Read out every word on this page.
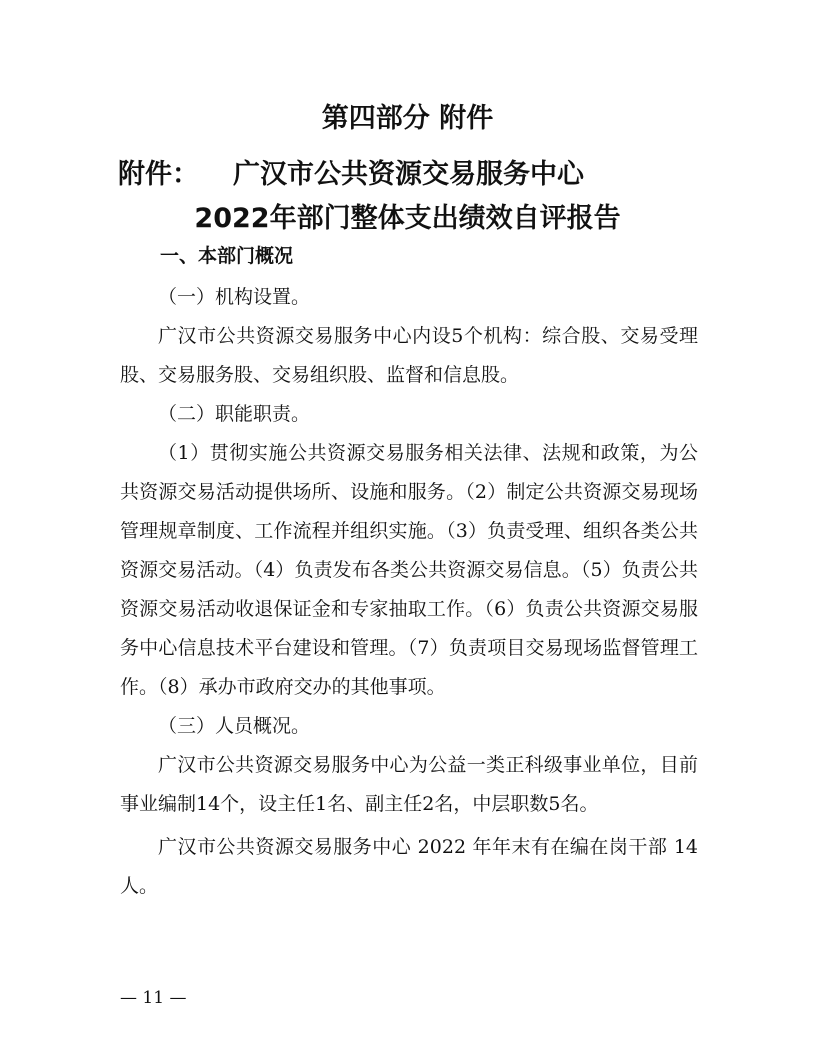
第四部分 附件
附件： 广汉市公共资源交易服务中心
2022年部门整体支出绩效自评报告
一、本部门概况

（一）机构设置。

广汉市公共资源交易服务中心内设5个机构：综合股、交易受理股、交易服务股、交易组织股、监督和信息股。

（二）职能职责。

（1）贯彻实施公共资源交易服务相关法律、法规和政策，为公共资源交易活动提供场所、设施和服务。（2）制定公共资源交易现场管理规章制度、工作流程并组织实施。（3）负责受理、组织各类公共资源交易活动。（4）负责发布各类公共资源交易信息。（5）负责公共资源交易活动收退保证金和专家抽取工作。（6）负责公共资源交易服务中心信息技术平台建设和管理。（7）负责项目交易现场监督管理工作。（8）承办市政府交办的其他事项。

（三）人员概况。

广汉市公共资源交易服务中心为公益一类正科级事业单位，目前事业编制14个，设主任1名、副主任2名，中层职数5名。

广汉市公共资源交易服务中心 2022 年年末有在编在岗干部 14 人。

— 11 —
